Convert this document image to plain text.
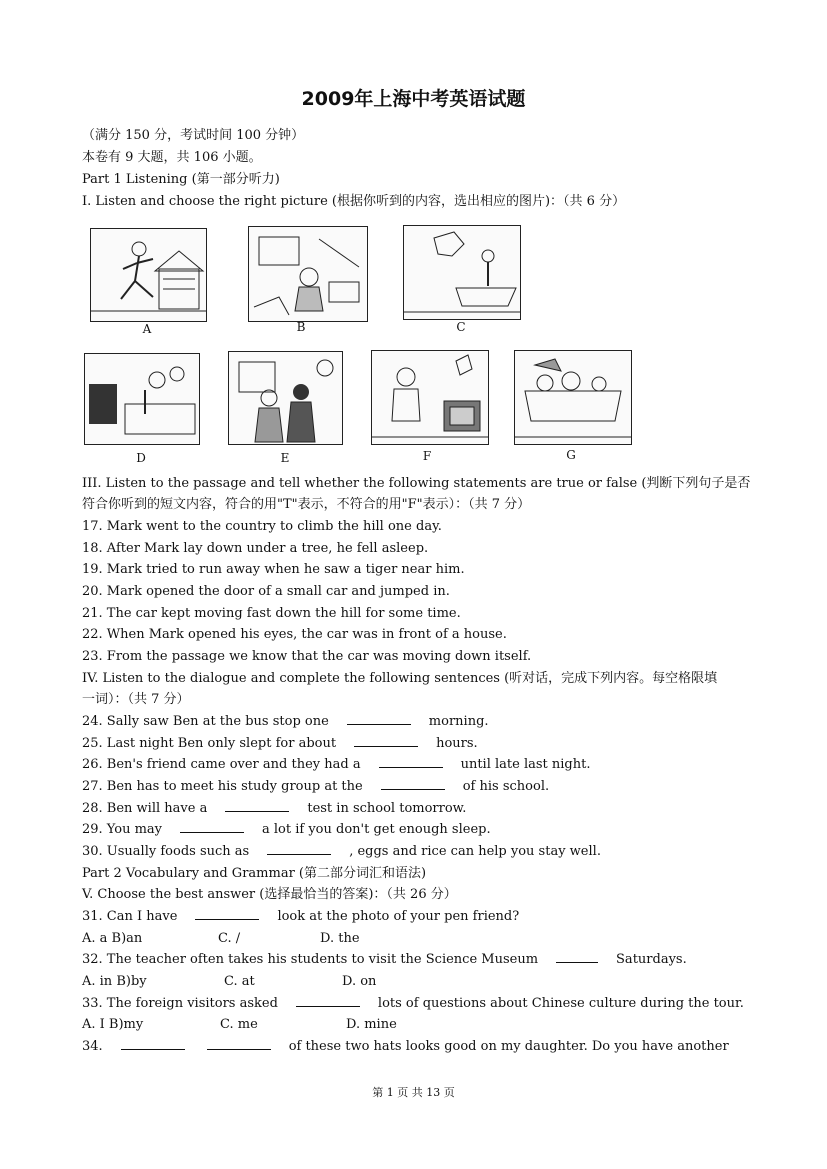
2009年上海中考英语试题
（满分 150 分，考试时间 100 分钟）
本卷有 9 大题，共 106 小题。
Part 1 Listening (第一部分听力)
I. Listen and choose the right picture (根据你听到的内容，选出相应的图片)：（共 6 分）
A	B	C
D	E	F	G
III. Listen to the passage and tell whether the following statements are true or false (判断下列句子是否
符合你听到的短文内容，符合的用"T"表示，不符合的用"F"表示）：（共 7 分）
17. Mark went to the country to climb the hill one day.
18. After Mark lay down under a tree, he fell asleep.
19. Mark tried to run away when he saw a tiger near him.
20. Mark opened the door of a small car and jumped in.
21. The car kept moving fast down the hill for some time.
22. When Mark opened his eyes, the car was in front of a house.
23. From the passage we know that the car was moving down itself.
IV. Listen to the dialogue and complete the following sentences (听对话，完成下列内容。每空格限填
一词）：（共 7 分）
24. Sally saw Ben at the bus stop one	morning.
25. Last night Ben only slept for about	hours.
26. Ben's friend came over and they had a	until late last night.
27. Ben has to meet his study group at the	of his school.
28. Ben will have a	test in school tomorrow.
29. You may	a lot if you don't get enough sleep.
30. Usually foods such as	, eggs and rice can help you stay well.
Part 2 Vocabulary and Grammar (第二部分词汇和语法)
V. Choose the best answer (选择最恰当的答案)：（共 26 分）
31. Can I have	look at the photo of your pen friend?
A. a B)an	C. /	D. the
32. The teacher often takes his students to visit the Science Museum	Saturdays.
A. in B)by	C. at	D. on
33. The foreign visitors asked	lots of questions about Chinese culture during the tour.
A. I B)my	C. me	D. mine
34.	of these two hats looks good on my daughter. Do you have another
第 1 页 共 13 页
